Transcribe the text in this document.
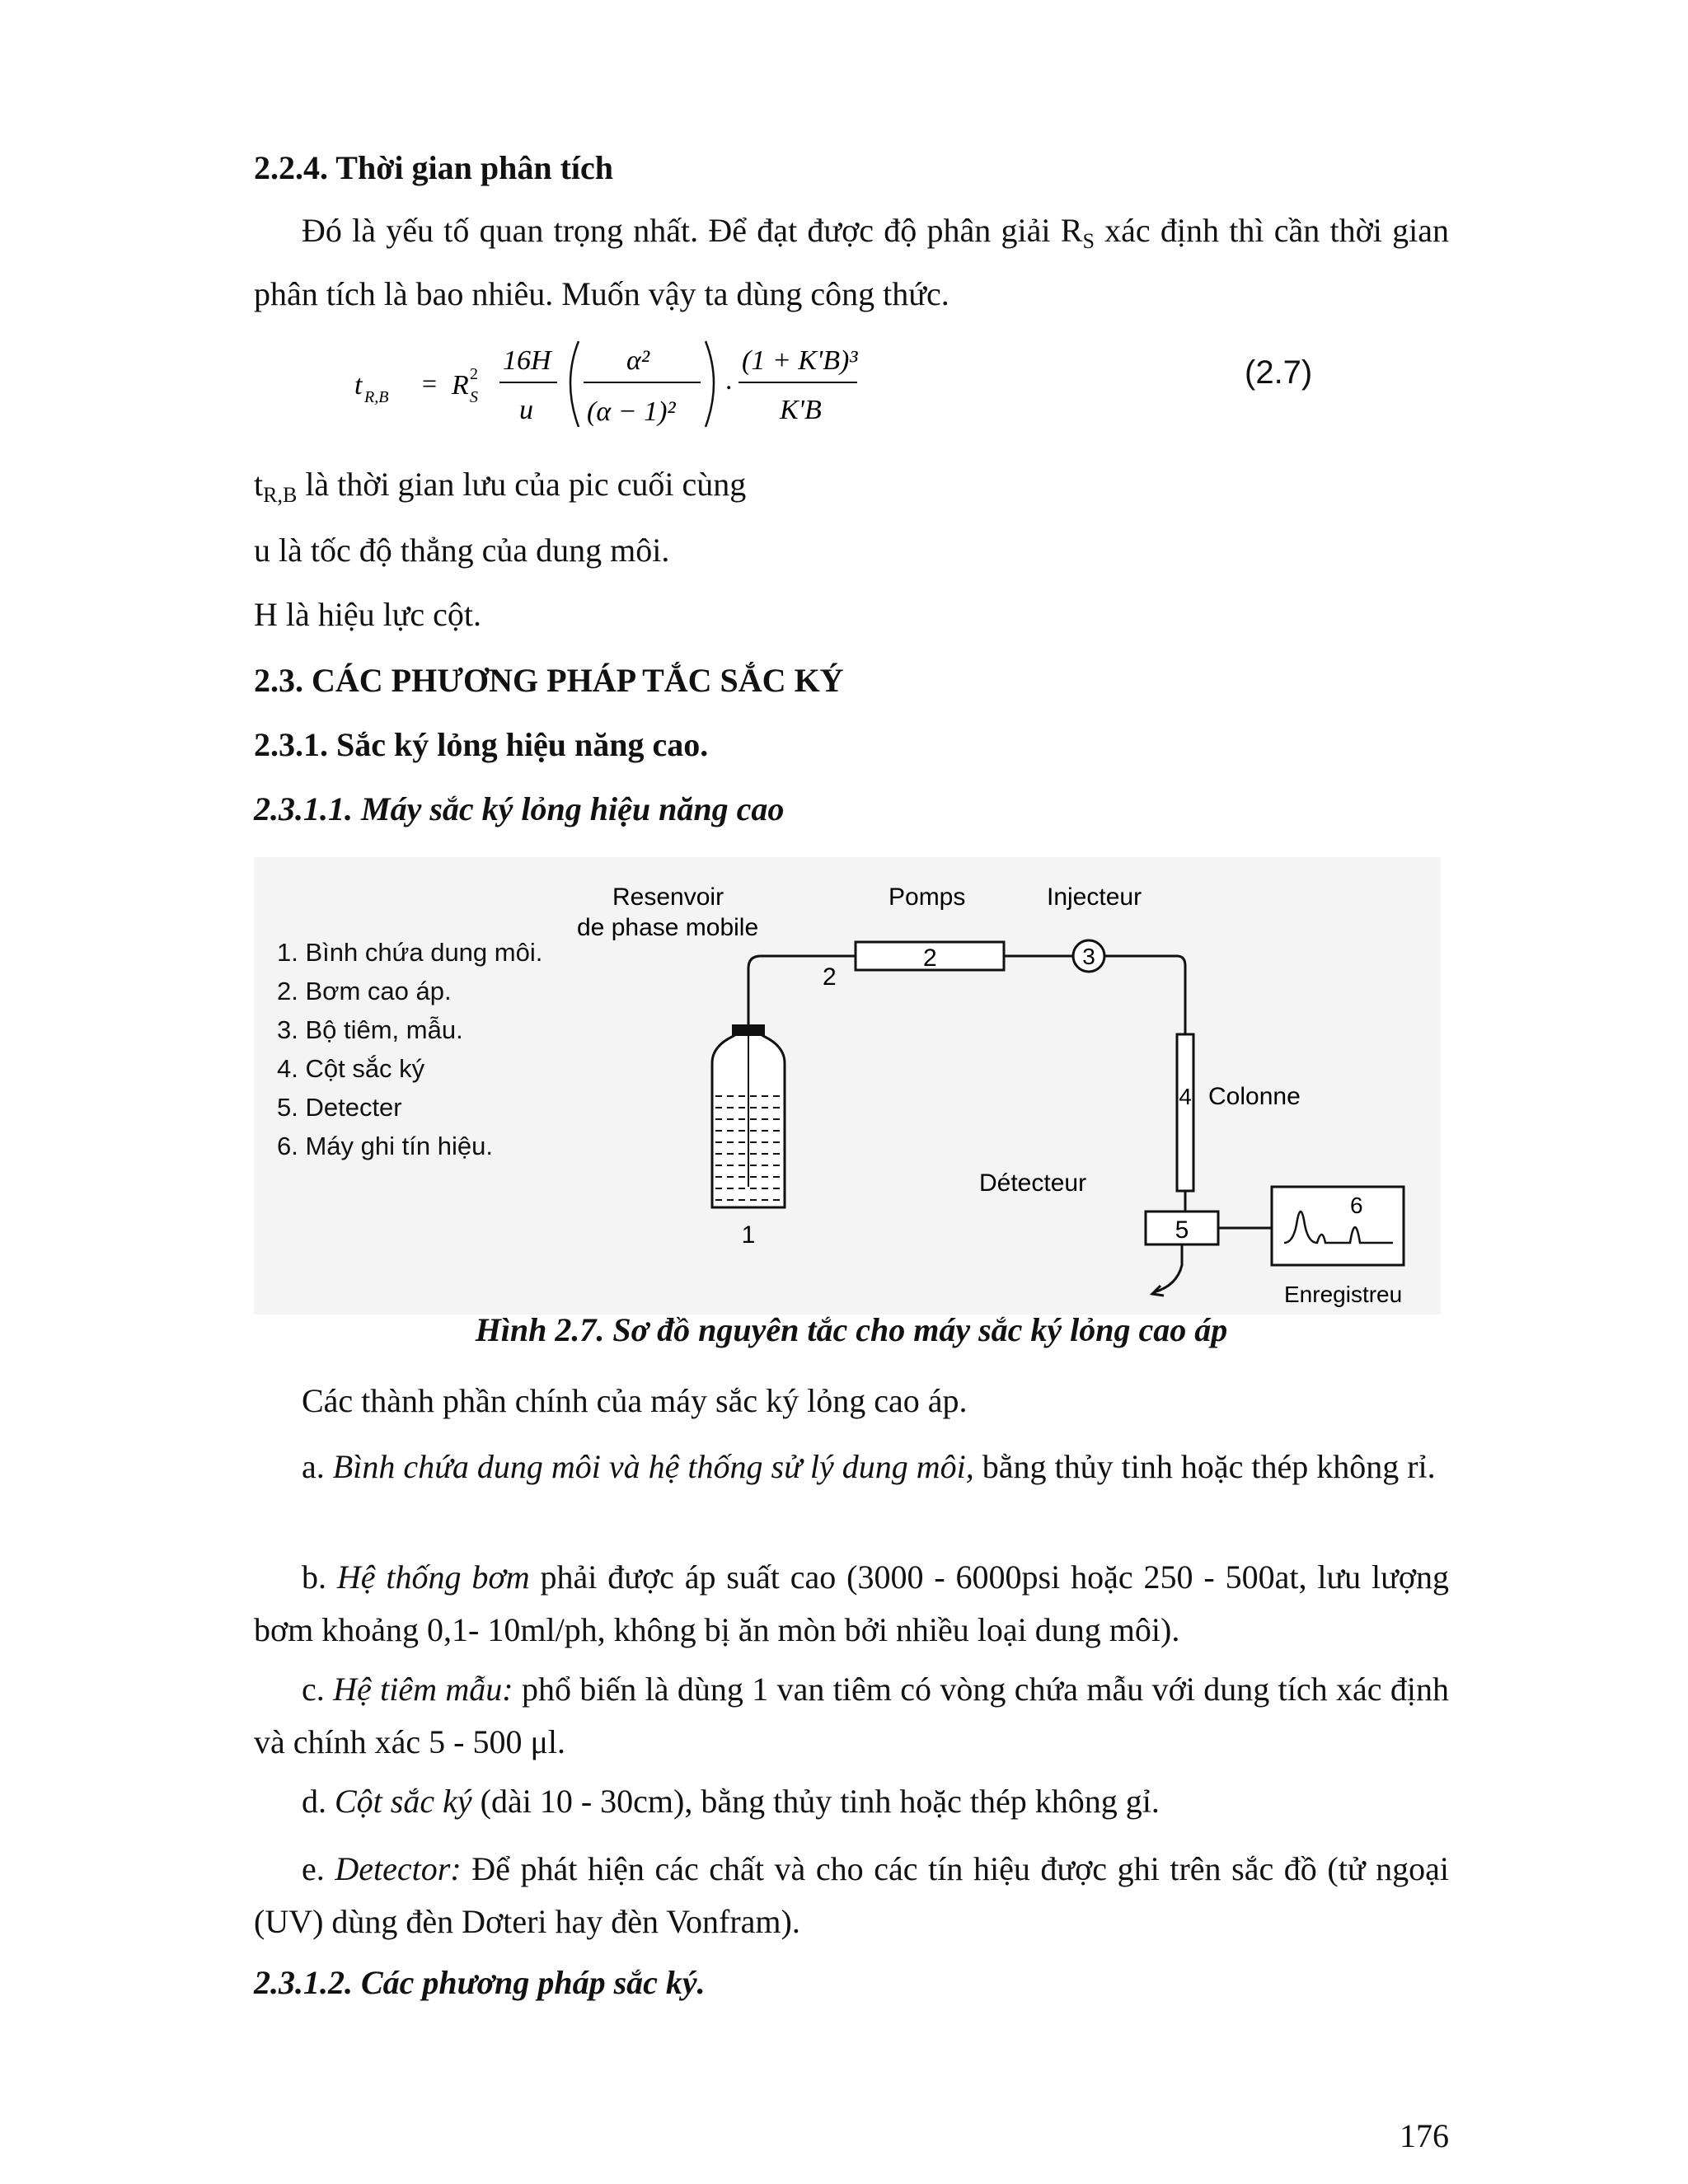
2.2.4. Thời gian phân tích
Đó là yếu tố quan trọng nhất. Để đạt được độ phân giải $R_S$ xác định thì cần thời gian phân tích là bao nhiêu. Muốn vậy ta dùng công thức.
t R,B = R 2
S
16H
u
α²
(α − 1)²
.
(1 + K'B)³
K'B
(2.7)
$t_{R,B}$ là thời gian lưu của pic cuối cùng
u là tốc độ thẳng của dung môi.
H là hiệu lực cột.
2.3. CÁC PHƯƠNG PHÁP TẮC SẮC KÝ
2.3.1. Sắc ký lỏng hiệu năng cao.
2.3.1.1. Máy sắc ký lỏng hiệu năng cao
Resenvoir
de phase mobile
Pomps	Injecteur
Colonne
Détecteur
Enregistreu
1
2
2	3
4
5
6
1. Bình chứa dung môi.
2. Bơm cao áp.
3. Bộ tiêm, mẫu.
4. Cột sắc ký
5. Detecter
6. Máy ghi tín hiệu.
Hình 2.7. Sơ đồ nguyên tắc cho máy sắc ký lỏng cao áp
Các thành phần chính của máy sắc ký lỏng cao áp.
a. Bình chứa dung môi và hệ thống sử lý dung môi, bằng thủy tinh hoặc thép không rỉ.
b. Hệ thống bơm phải được áp suất cao (3000 - 6000psi hoặc 250 - 500at, lưu lượng bơm khoảng 0,1- 10ml/ph, không bị ăn mòn bởi nhiều loại dung môi).
c. Hệ tiêm mẫu: phổ biến là dùng 1 van tiêm có vòng chứa mẫu với dung tích xác định và chính xác 5 - 500 μl.
d. Cột sắc ký (dài 10 - 30cm), bằng thủy tinh hoặc thép không gỉ.
e. Detector: Để phát hiện các chất và cho các tín hiệu được ghi trên sắc đồ (tử ngoại (UV) dùng đèn Dơteri hay đèn Vonfram).
2.3.1.2. Các phương pháp sắc ký.
176
